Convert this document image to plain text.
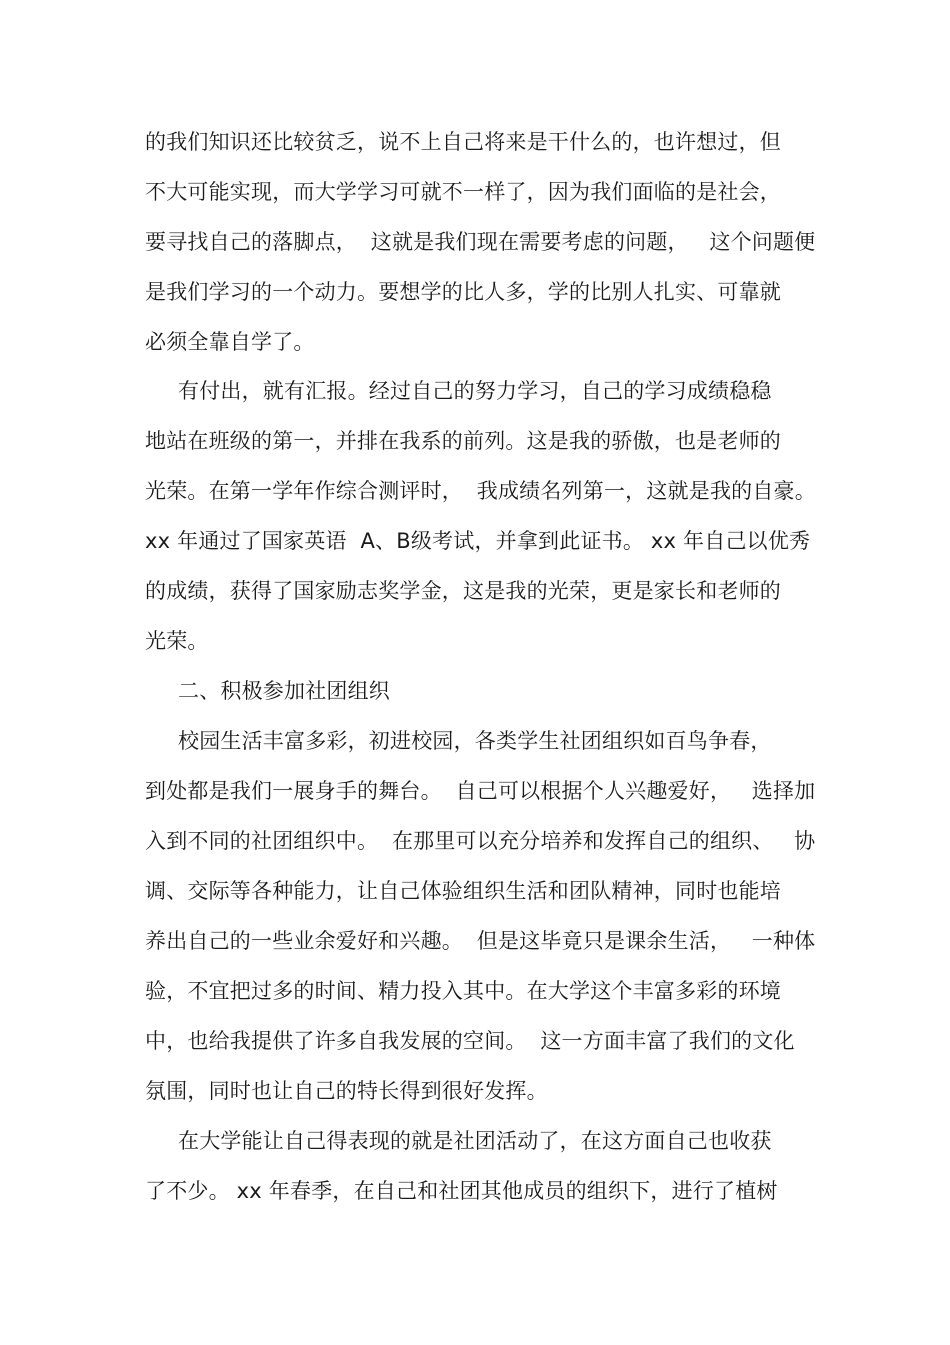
的我们知识还比较贫乏，说不上自己将来是干什么的，也许想过，但

不大可能实现，而大学学习可就不一样了，因为我们面临的是社会，

要寻找自己的落脚点，  这就是我们现在需要考虑的问题，   这个问题便

是我们学习的一个动力。要想学的比人多，学的比别人扎实、可靠就

必须全靠自学了。

有付出，就有汇报。经过自己的努力学习，自己的学习成绩稳稳

地站在班级的第一，并排在我系的前列。这是我的骄傲，也是老师的

光荣。在第一学年作综合测评时，  我成绩名列第一，这就是我的自豪。

xx 年通过了国家英语  A、B级考试，并拿到此证书。 xx 年自己以优秀

的成绩，获得了国家励志奖学金，这是我的光荣，更是家长和老师的

光荣。

二、积极参加社团组织

校园生活丰富多彩，初进校园，各类学生社团组织如百鸟争春，

到处都是我们一展身手的舞台。  自己可以根据个人兴趣爱好，   选择加

入到不同的社团组织中。  在那里可以充分培养和发挥自己的组织、   协

调、交际等各种能力，让自己体验组织生活和团队精神，同时也能培

养出自己的一些业余爱好和兴趣。  但是这毕竟只是课余生活，   一种体

验，不宜把过多的时间、精力投入其中。在大学这个丰富多彩的环境

中，也给我提供了许多自我发展的空间。  这一方面丰富了我们的文化

氛围，同时也让自己的特长得到很好发挥。

在大学能让自己得表现的就是社团活动了，在这方面自己也收获

了不少。 xx 年春季，在自己和社团其他成员的组织下，进行了植树
